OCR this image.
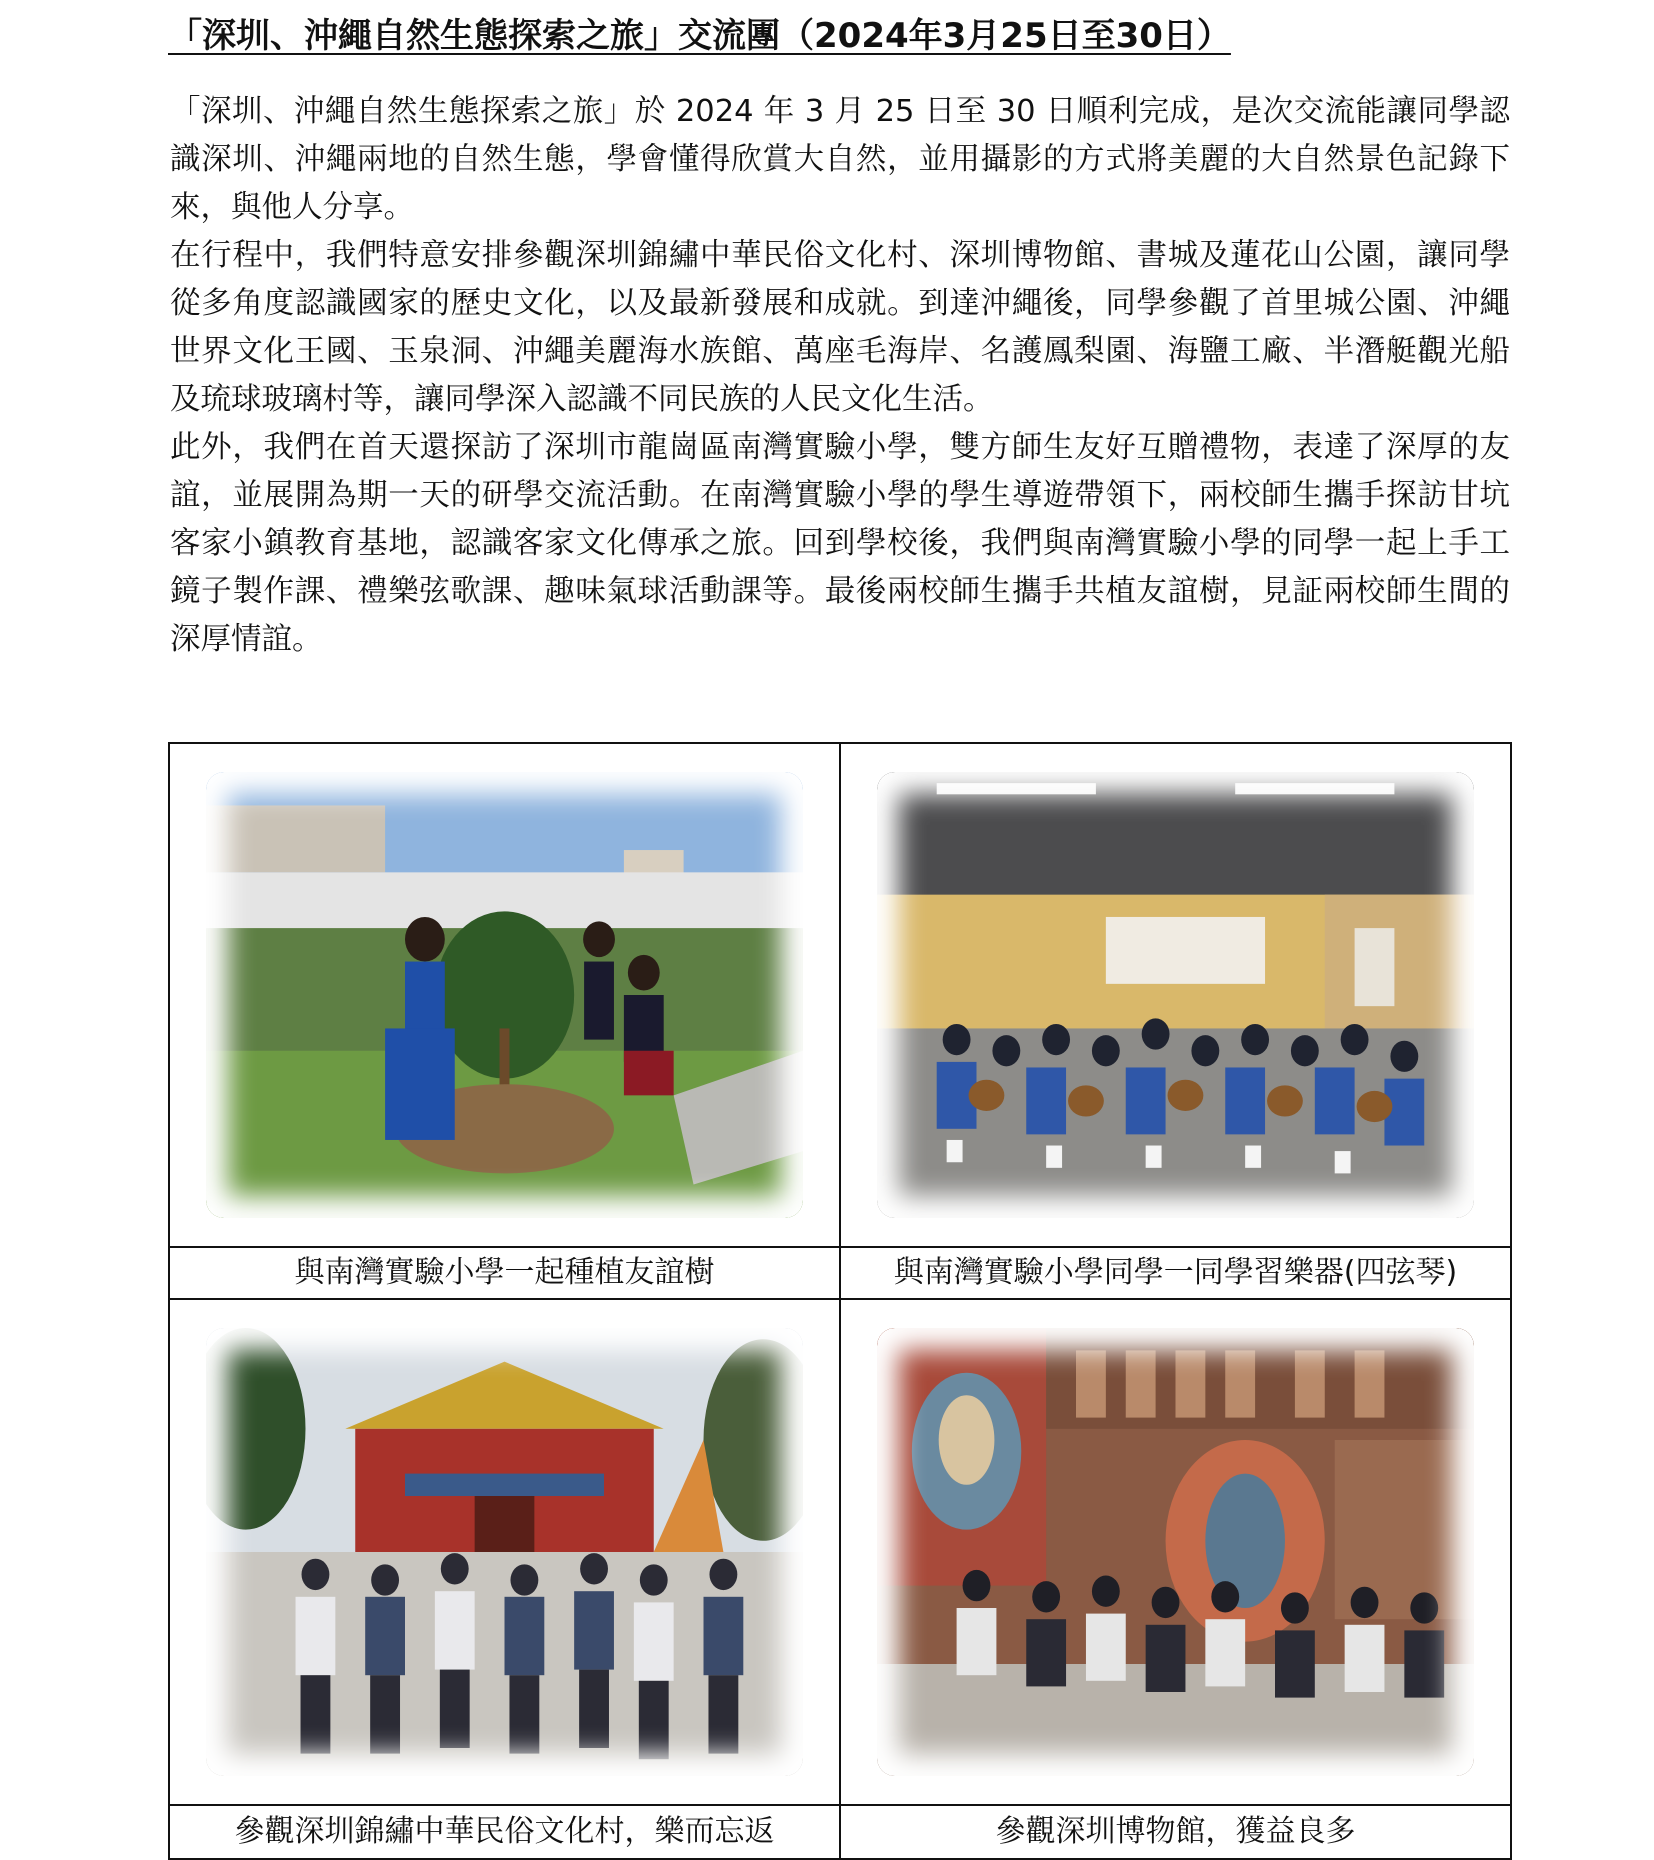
「深圳、沖繩自然生態探索之旅」交流團（2024年3月25日至30日）

「深圳、沖繩自然生態探索之旅」於 2024 年 3 月 25 日至 30 日順利完成，是次交流能讓同學認識深圳、沖繩兩地的自然生態，學會懂得欣賞大自然，並用攝影的方式將美麗的大自然景色記錄下來，與他人分享。

在行程中，我們特意安排參觀深圳錦繡中華民俗文化村、深圳博物館、書城及蓮花山公園，讓同學從多角度認識國家的歷史文化，以及最新發展和成就。到達沖繩後，同學參觀了首里城公園、沖繩世界文化王國、玉泉洞、沖繩美麗海水族館、萬座毛海岸、名護鳳梨園、海鹽工廠、半潛艇觀光船及琉球玻璃村等，讓同學深入認識不同民族的人民文化生活。

此外，我們在首天還探訪了深圳市龍崗區南灣實驗小學，雙方師生友好互贈禮物，表達了深厚的友誼，並展開為期一天的研學交流活動。在南灣實驗小學的學生導遊帶領下，兩校師生攜手探訪甘坑客家小鎮教育基地，認識客家文化傳承之旅。回到學校後，我們與南灣實驗小學的同學一起上手工鏡子製作課、禮樂弦歌課、趣味氣球活動課等。最後兩校師生攜手共植友誼樹，見証兩校師生間的深厚情誼。

與南灣實驗小學一起種植友誼樹	與南灣實驗小學同學一同學習樂器(四弦琴)

參觀深圳錦繡中華民俗文化村，樂而忘返	參觀深圳博物館，獲益良多
